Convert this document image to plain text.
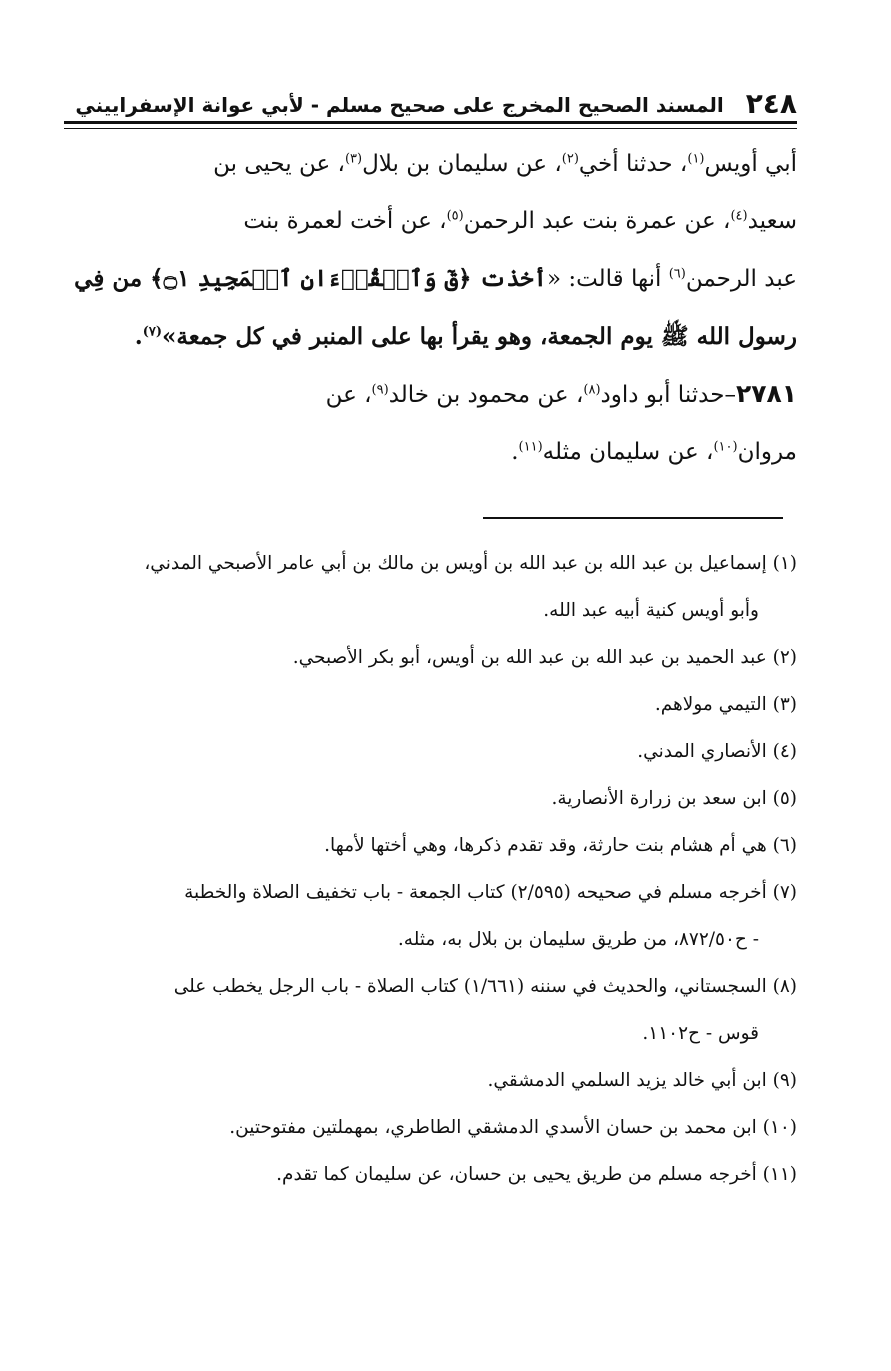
٢٤٨
المسند الصحيح المخرج على صحيح مسلم - لأبي عوانة الإسفراييني
أبي أويس$^{(١)}$، حدثنا أخي$^{(٢)}$، عن سليمان بن بلال$^{(٣)}$، عن يحيى بن
سعيد$^{(٤)}$، عن عمرة بنت عبد الرحمن$^{(٥)}$، عن أخت لعمرة بنت
عبد الرحمن$^{(٦)}$ أنها قالت: «أخذت ﴿قٓ وَٱلۡقُرۡءَانِ ٱلۡمَجِيدِ ۝١﴾ من فِي
رسول الله ﷺ يوم الجمعة، وهو يقرأ بها على المنبر في كل جمعة»$^{(٧)}$.
٢٧٨١–حدثنا أبو داود$^{(٨)}$، عن محمود بن خالد$^{(٩)}$، عن
مروان$^{(١٠)}$، عن سليمان مثله$^{(١١)}$.
(١) إسماعيل بن عبد الله بن عبد الله بن أويس بن مالك بن أبي عامر الأصبحي المدني،
وأبو أويس كنية أبيه عبد الله.
(٢) عبد الحميد بن عبد الله بن عبد الله بن أويس، أبو بكر الأصبحي.
(٣) التيمي مولاهم.
(٤) الأنصاري المدني.
(٥) ابن سعد بن زرارة الأنصارية.
(٦) هي أم هشام بنت حارثة، وقد تقدم ذكرها، وهي أختها لأمها.
(٧) أخرجه مسلم في صحيحه (٢/٥٩٥) كتاب الجمعة - باب تخفيف الصلاة والخطبة
- ح٨٧٢/٥٠، من طريق سليمان بن بلال به، مثله.
(٨) السجستاني، والحديث في سننه (١/٦٦١) كتاب الصلاة - باب الرجل يخطب على
قوس - ح١١٠٢.
(٩) ابن أبي خالد يزيد السلمي الدمشقي.
(١٠) ابن محمد بن حسان الأسدي الدمشقي الطاطري، بمهملتين مفتوحتين.
(١١) أخرجه مسلم من طريق يحيى بن حسان، عن سليمان كما تقدم.
